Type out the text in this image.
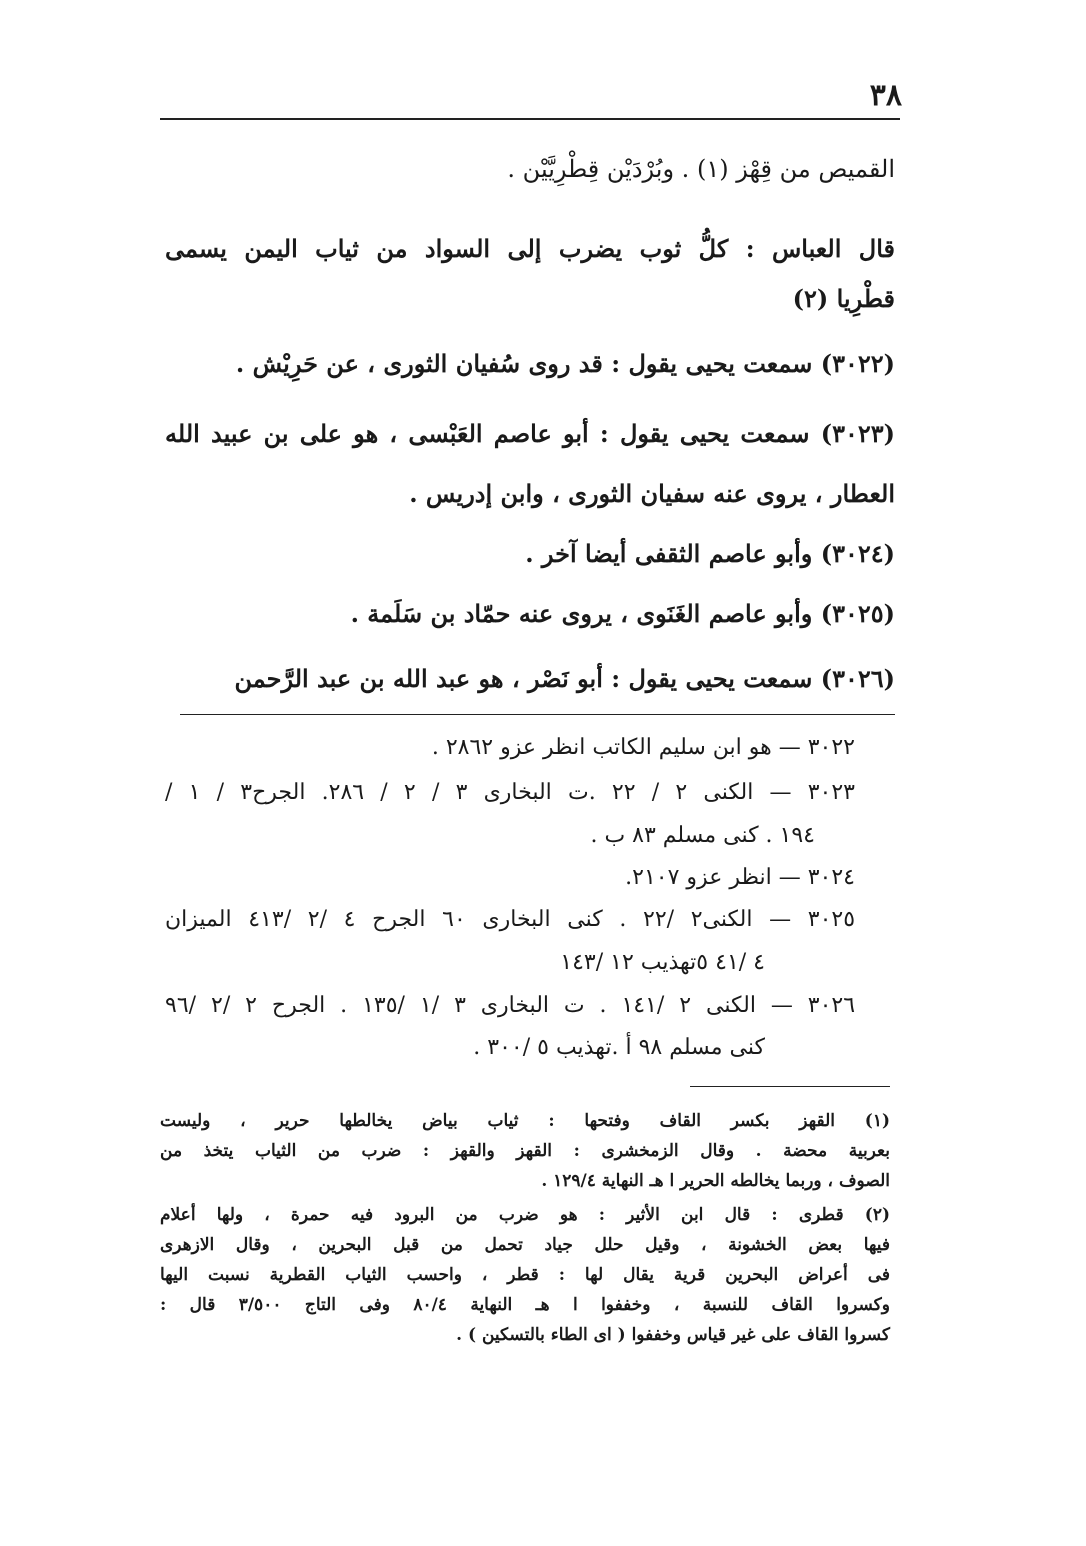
٣٨
القميص من قِهْز (١) . وبُرْدَيْن قِطْرِيَّيْن .
قال العباس : كلُّ ثوب يضرب إلى السواد من ثياب اليمن يسمى
قطْرِيا (٢)
(٣٠٢٢) سمعت يحيى يقول : قد روى سُفيان الثورى ، عن حَرِيْش .
(٣٠٢٣) سمعت يحيى يقول : أبو عاصم العَبْسى ، هو على بن عبيد الله
العطار ، يروى عنه سفيان الثورى ، وابن إدريس .
(٣٠٢٤) وأبو عاصم الثقفى أيضا آخر .
(٣٠٢٥) وأبو عاصم الغَنَوى ، يروى عنه حمّاد بن سَلَمة .
(٣٠٢٦) سمعت يحيى يقول : أبو نَصْر ، هو عبد الله بن عبد الرَّحمن
٣٠٢٢ — هو ابن سليم الكاتب انظر عزو ٢٨٦٢ .
٣٠٢٣ — الكنى ٢ / ٢٢ .ت البخارى ٣ / ٢ / ٢٨٦. الجرح٣ / ١ /
١٩٤ . كنى مسلم ٨٣ ب .
٣٠٢٤ — انظر عزو ٢١٠٧.
٣٠٢٥ — الكنى٢ /٢٢ . كنى البخارى ٦٠ الجرح ٤ /٢ /٤١٣ الميزان
٤ /٤١ ٥تهذيب ١٢ /١٤٣
٣٠٢٦ — الكنى ٢ /١٤١ . ت البخارى ٣ /١ /١٣٥ . الجرح ٢ /٢ /٩٦
كنى مسلم ٩٨ أ .تهذيب ٥ /٣٠٠ .
(١) القهز بكسر القاف وفتحها : ثياب بياض يخالطها حرير ، وليست
بعربية محضة . وقال الزمخشرى : القهز والقهز : ضرب من الثياب يتخذ من
الصوف ، وربما يخالطه الحرير ا هـ النهاية ١٢٩/٤ .
(٢) قطرى : قال ابن الأثير : هو ضرب من البرود فيه حمرة ، ولها أعلام
فيها بعض الخشونة ، وقيل حلل جياد تحمل من قبل البحرين ، وقال الازهرى
فى أعراض البحرين قرية يقال لها : قطر ، واحسب الثياب القطرية نسبت اليها
وكسروا القاف للنسبة ، وخففوا ا هـ النهاية ٨٠/٤ وفى التاج ٣/٥٠٠ قال :
كسروا القاف على غير قياس وخففوا ( اى الطاء بالتسكين ) .
